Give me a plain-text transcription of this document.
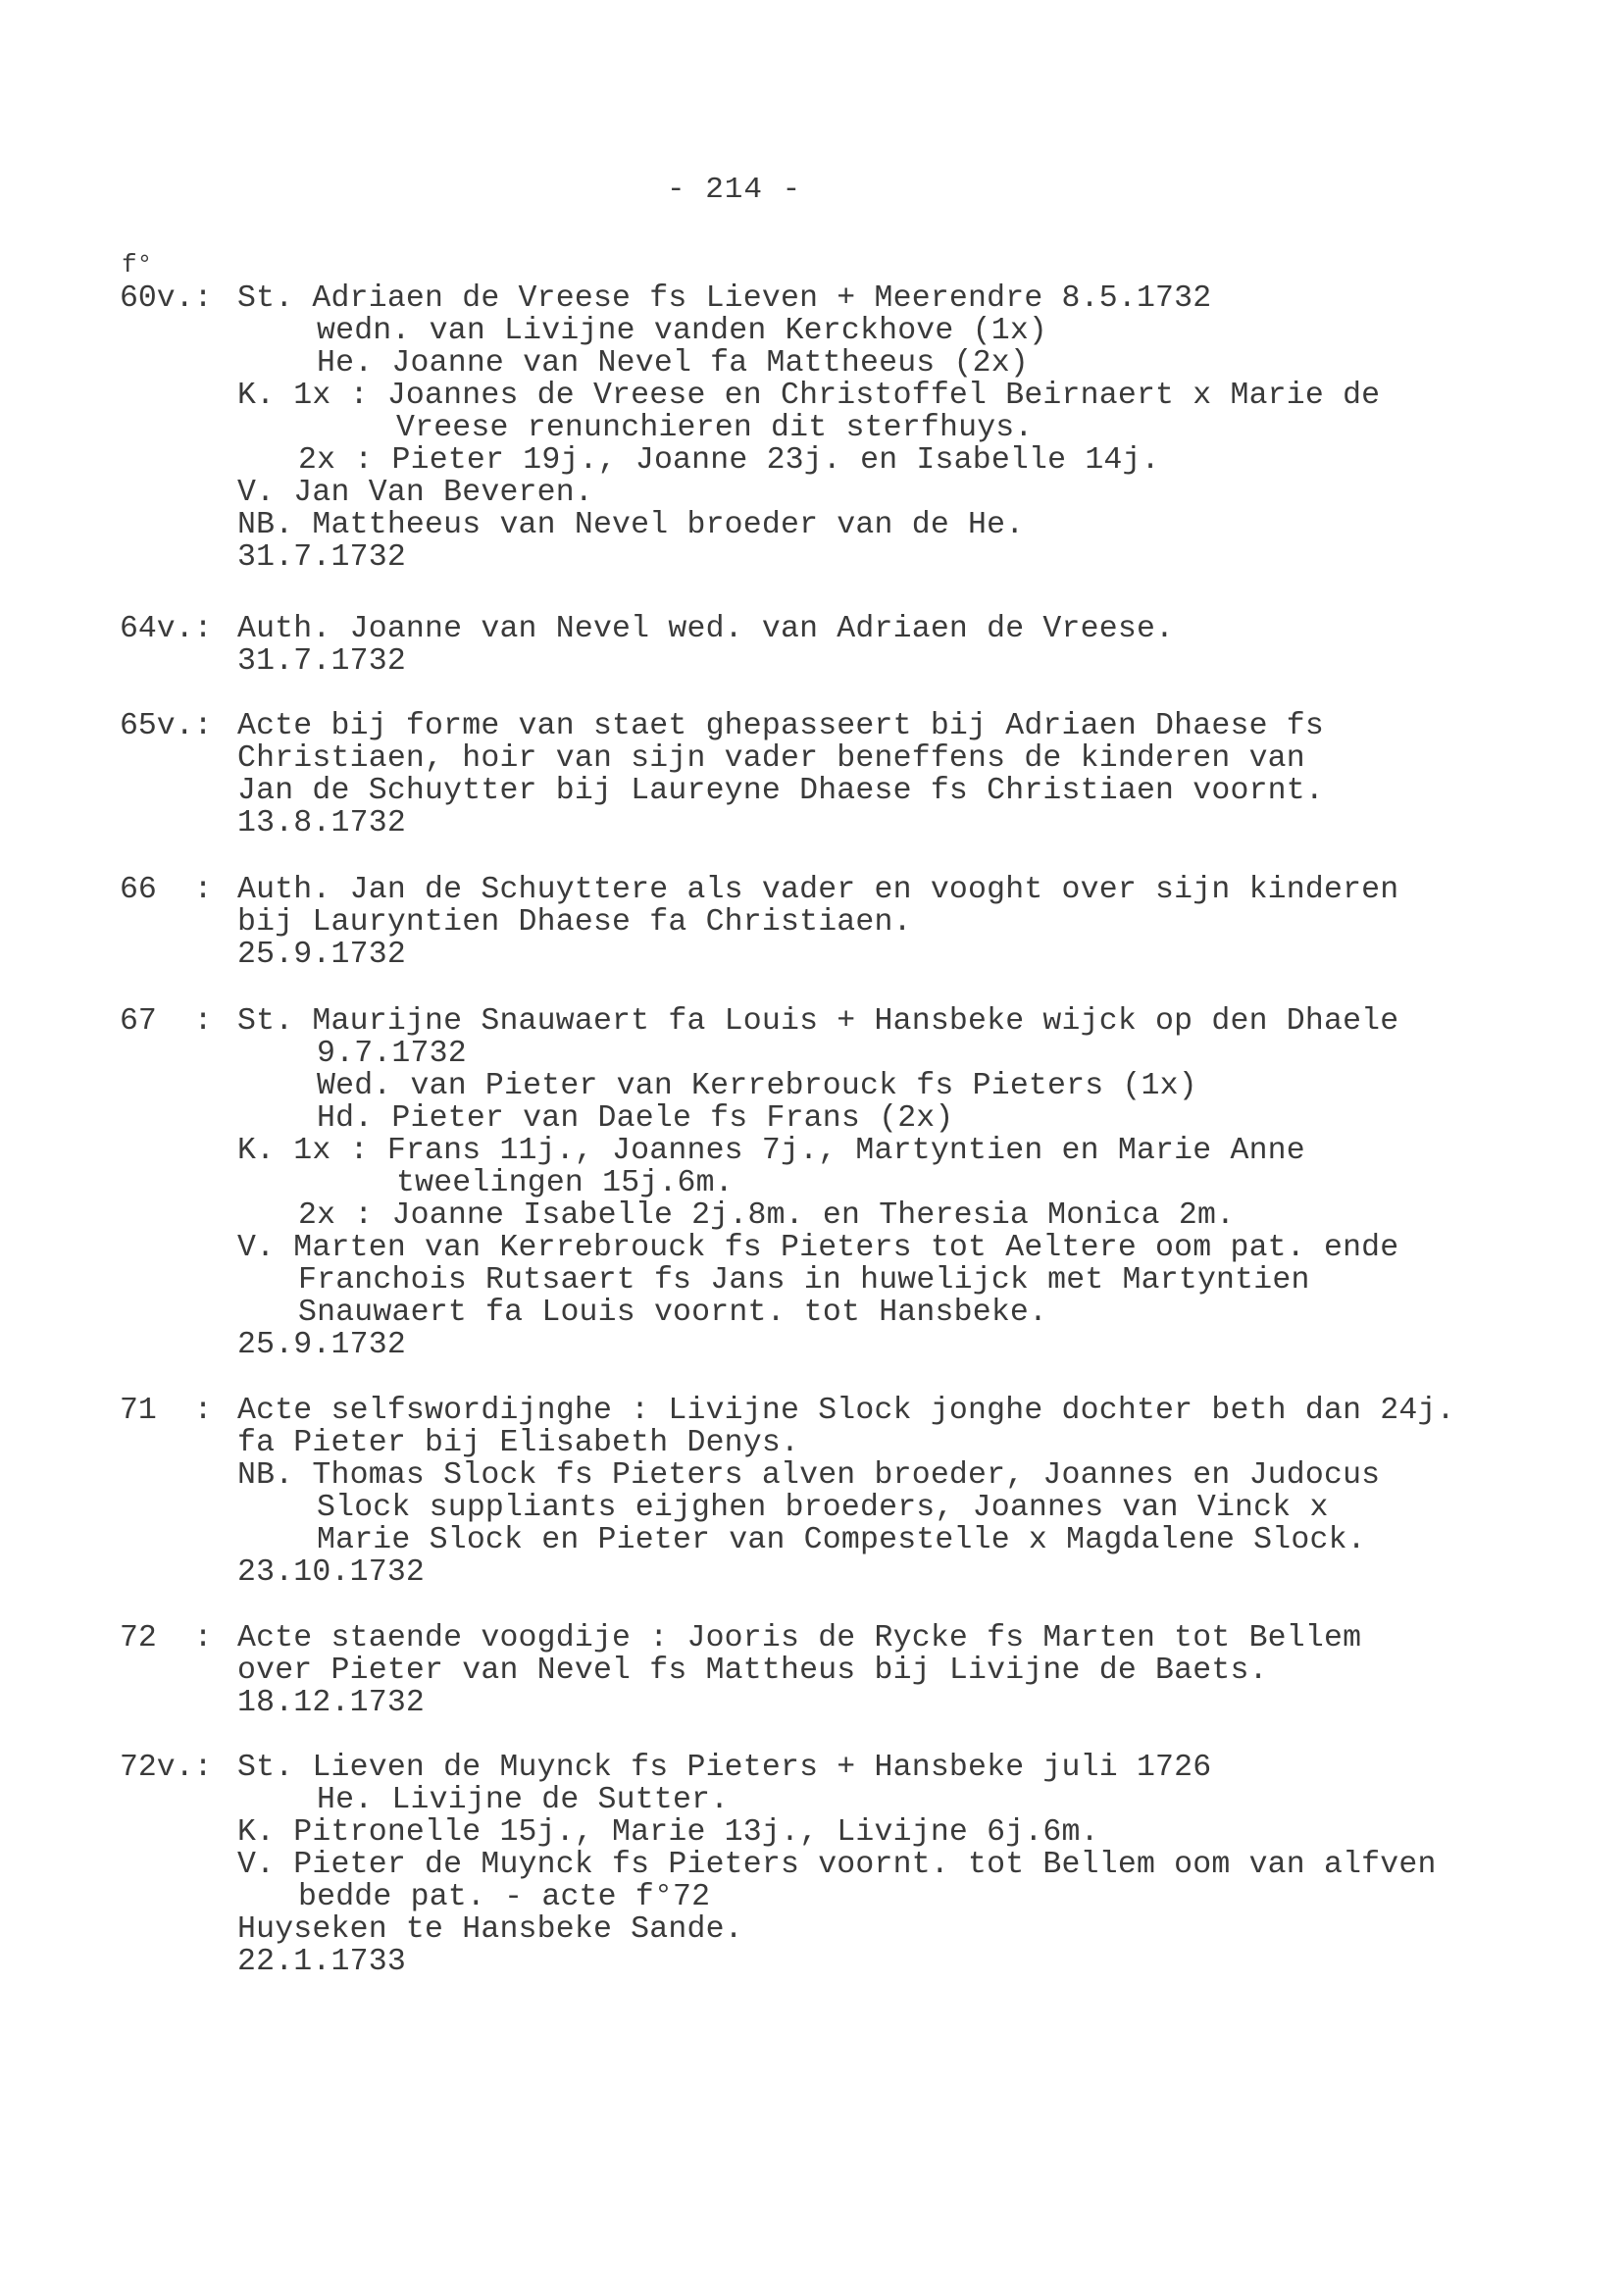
- 214 -
f°
60v.: St. Adriaen de Vreese fs Lieven + Meerendre 8.5.1732
wedn. van Livijne vanden Kerckhove (1x)
He. Joanne van Nevel fa Mattheeus (2x)
K. 1x : Joannes de Vreese en Christoffel Beirnaert x Marie de
Vreese renunchieren dit sterfhuys.
2x : Pieter 19j., Joanne 23j. en Isabelle 14j.
V. Jan Van Beveren.
NB. Mattheeus van Nevel broeder van de He.
31.7.1732
64v.: Auth. Joanne van Nevel wed. van Adriaen de Vreese.
31.7.1732
65v.: Acte bij forme van staet ghepasseert bij Adriaen Dhaese fs
Christiaen, hoir van sijn vader beneffens de kinderen van
Jan de Schuytter bij Laureyne Dhaese fs Christiaen voornt.
13.8.1732
66  : Auth. Jan de Schuyttere als vader en vooght over sijn kinderen
bij Lauryntien Dhaese fa Christiaen.
25.9.1732
67  : St. Maurijne Snauwaert fa Louis + Hansbeke wijck op den Dhaele
9.7.1732
Wed. van Pieter van Kerrebrouck fs Pieters (1x)
Hd. Pieter van Daele fs Frans (2x)
K. 1x : Frans 11j., Joannes 7j., Martyntien en Marie Anne
tweelingen 15j.6m.
2x : Joanne Isabelle 2j.8m. en Theresia Monica 2m.
V. Marten van Kerrebrouck fs Pieters tot Aeltere oom pat. ende
Franchois Rutsaert fs Jans in huwelijck met Martyntien
Snauwaert fa Louis voornt. tot Hansbeke.
25.9.1732
71  : Acte selfswordijnghe : Livijne Slock jonghe dochter beth dan 24j.
fa Pieter bij Elisabeth Denys.
NB. Thomas Slock fs Pieters alven broeder, Joannes en Judocus
Slock suppliants eijghen broeders, Joannes van Vinck x
Marie Slock en Pieter van Compestelle x Magdalene Slock.
23.10.1732
72  : Acte staende voogdije : Jooris de Rycke fs Marten tot Bellem
over Pieter van Nevel fs Mattheus bij Livijne de Baets.
18.12.1732
72v.: St. Lieven de Muynck fs Pieters + Hansbeke juli 1726
He. Livijne de Sutter.
K. Pitronelle 15j., Marie 13j., Livijne 6j.6m.
V. Pieter de Muynck fs Pieters voornt. tot Bellem oom van alfven
bedde pat. - acte f°72
Huyseken te Hansbeke Sande.
22.1.1733
